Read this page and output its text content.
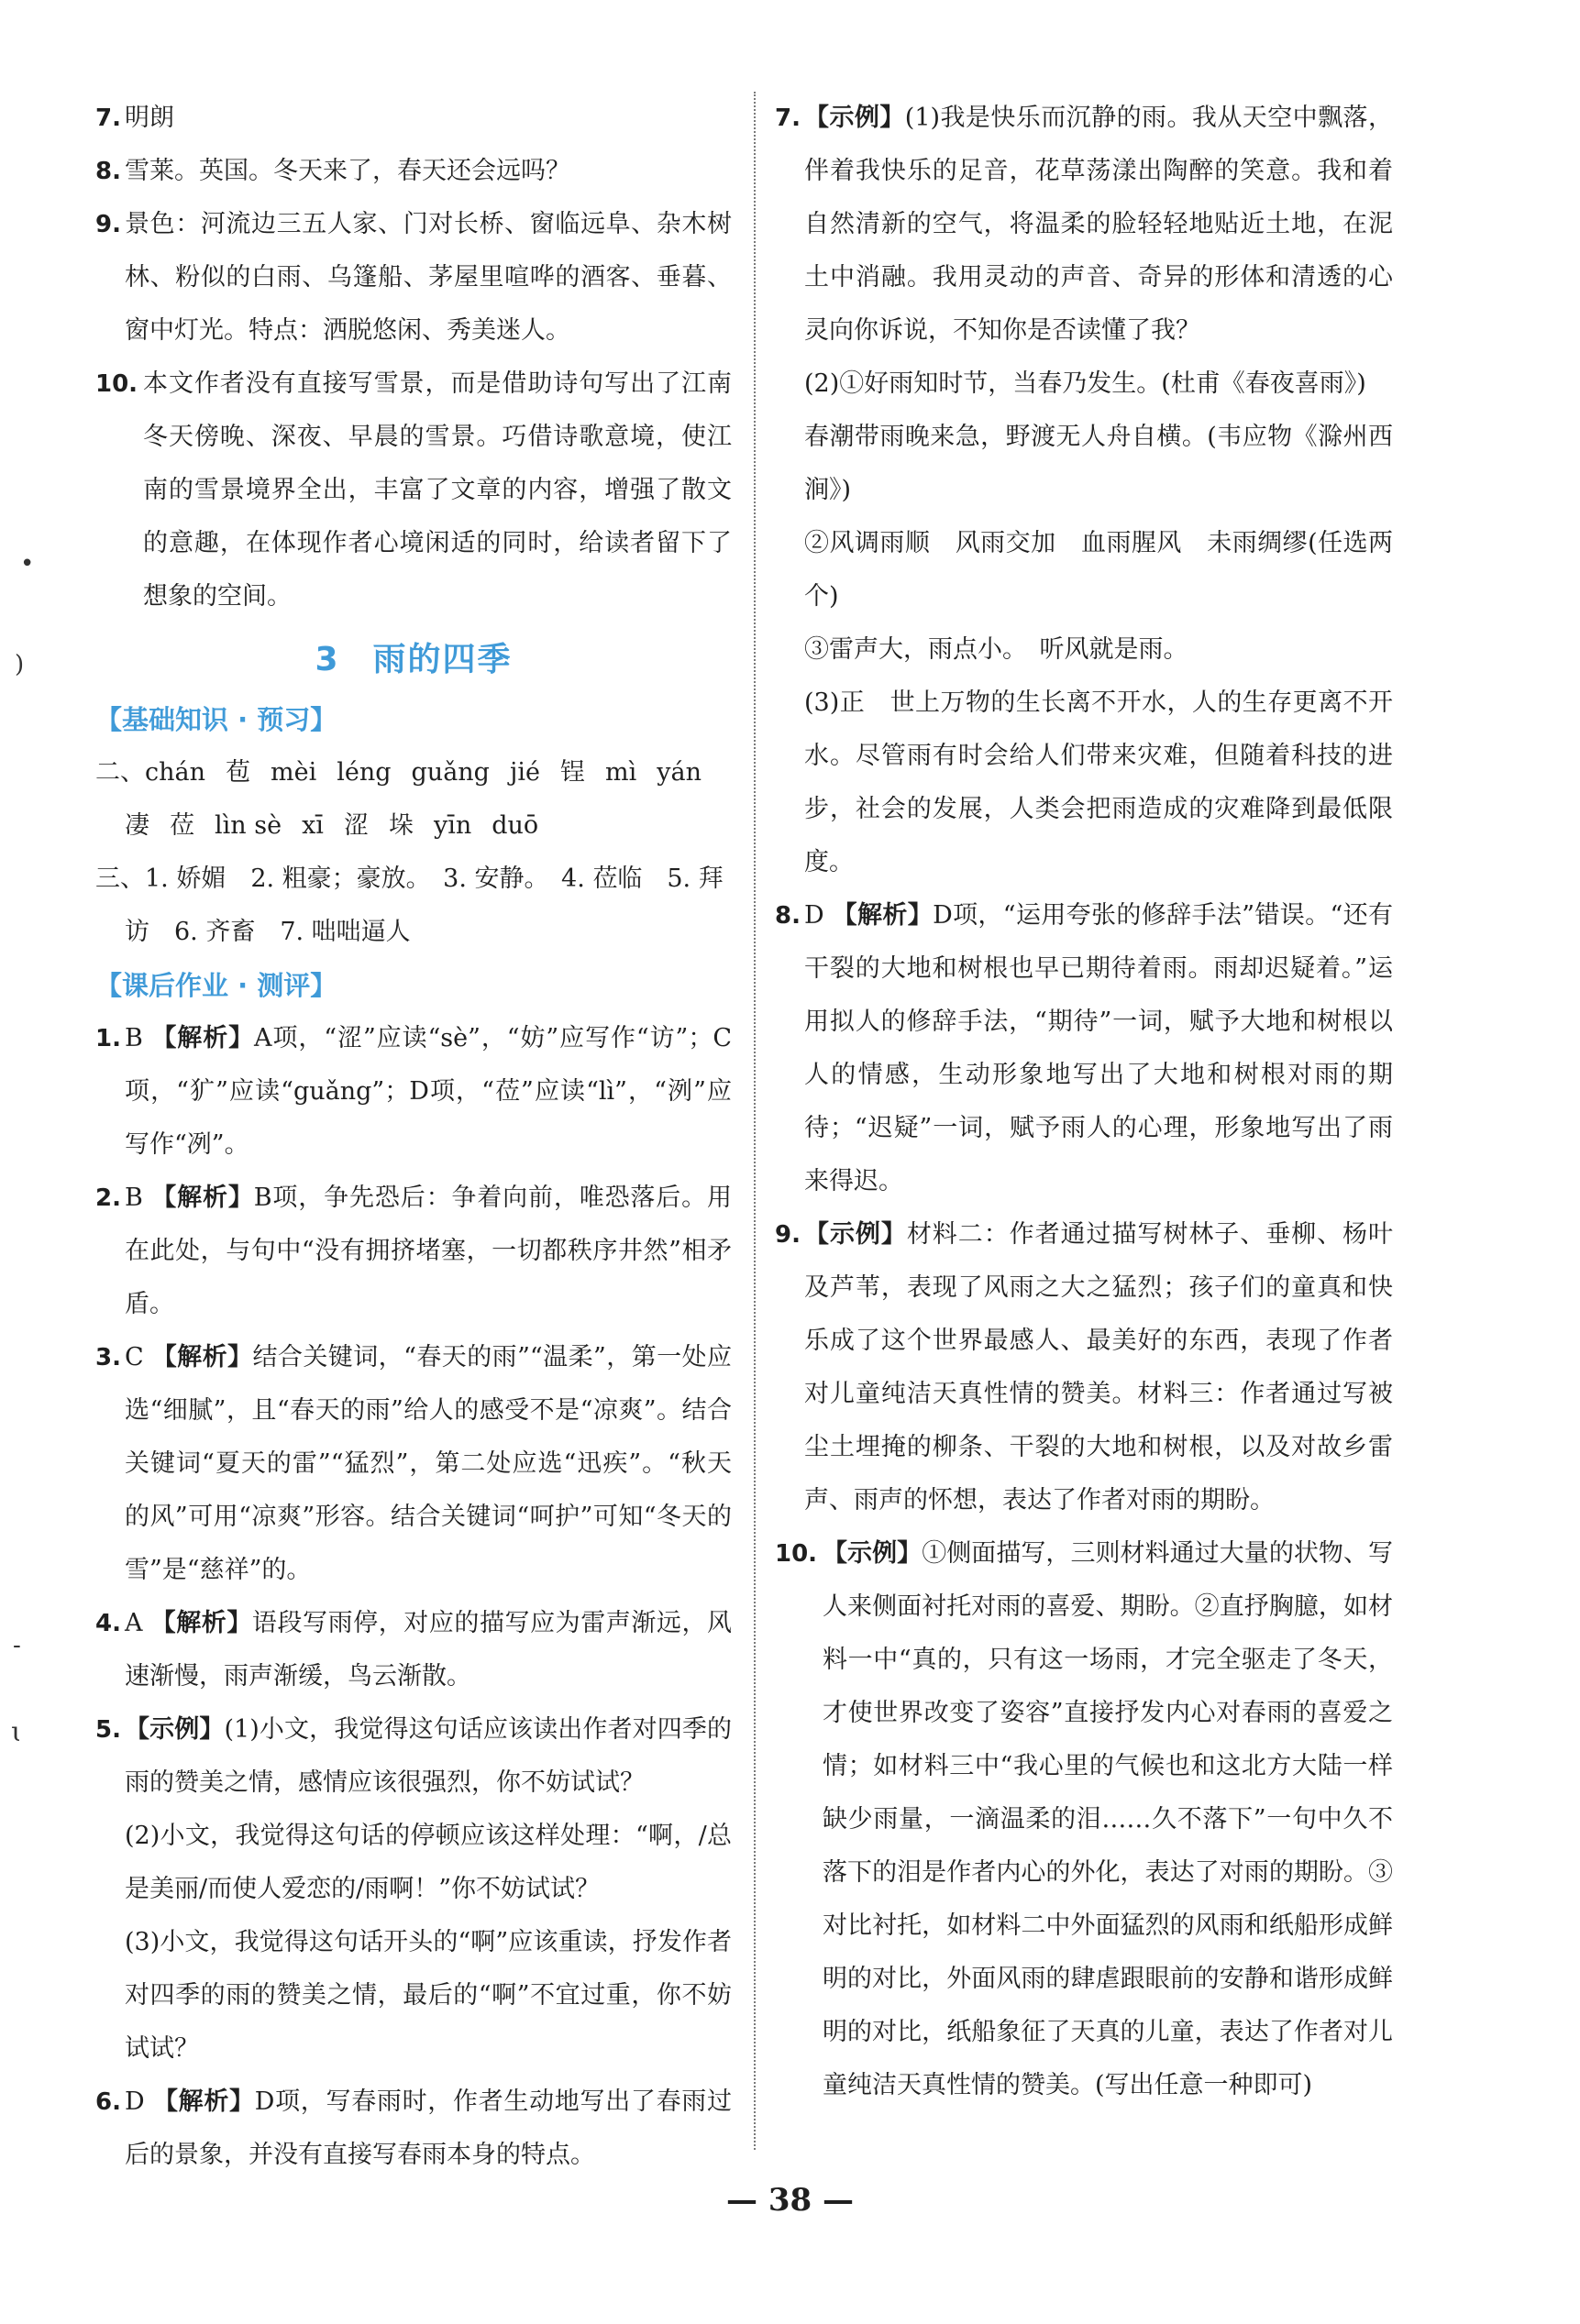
•
)
-
ɩ
7. 明朗
8. 雪莱。英国。冬天来了，春天还会远吗？
9. 景色：河流边三五人家、门对长桥、窗临远阜、杂木树林、粉似的白雨、乌篷船、茅屋里喧哗的酒客、垂暮、窗中灯光。特点：洒脱悠闲、秀美迷人。
10. 本文作者没有直接写雪景，而是借助诗句写出了江南冬天傍晚、深夜、早晨的雪景。巧借诗歌意境，使江南的雪景境界全出，丰富了文章的内容，增强了散文的意趣，在体现作者心境闲适的同时，给读者留下了想象的空间。
3 雨的四季
【基础知识 · 预习】
二、chán 苞 mèi léng guǎng jié 锃 mì yán
凄 莅 lìn sè xī 涩 垛 yīn duō
三、1. 娇媚　2. 粗豪；豪放。　3. 安静。　4. 莅临　5. 拜
访　6. 齐畜　7. 咄咄逼人
【课后作业 · 测评】
1. B 【解析】A项，“涩”应读“sè”，“妨”应写作“访”；C项，“犷”应读“guǎng”；D项，“莅”应读“lì”，“洌”应写作“冽”。
2. B 【解析】B项，争先恐后：争着向前，唯恐落后。用在此处，与句中“没有拥挤堵塞，一切都秩序井然”相矛盾。
3. C 【解析】结合关键词，“春天的雨”“温柔”，第一处应选“细腻”，且“春天的雨”给人的感受不是“凉爽”。结合关键词“夏天的雷”“猛烈”，第二处应选“迅疾”。“秋天的风”可用“凉爽”形容。结合关键词“呵护”可知“冬天的雪”是“慈祥”的。
4. A 【解析】语段写雨停，对应的描写应为雷声渐远，风速渐慢，雨声渐缓，鸟云渐散。
5. 【示例】(1)小文，我觉得这句话应该读出作者对四季的雨的赞美之情，感情应该很强烈，你不妨试试？
(2)小文，我觉得这句话的停顿应该这样处理：“啊，/总是美丽/而使人爱恋的/雨啊！”你不妨试试？
(3)小文，我觉得这句话开头的“啊”应该重读，抒发作者对四季的雨的赞美之情，最后的“啊”不宜过重，你不妨试试？
6. D 【解析】D项，写春雨时，作者生动地写出了春雨过后的景象，并没有直接写春雨本身的特点。
7. 【示例】(1)我是快乐而沉静的雨。我从天空中飘落，伴着我快乐的足音，花草荡漾出陶醉的笑意。我和着自然清新的空气，将温柔的脸轻轻地贴近土地，在泥土中消融。我用灵动的声音、奇异的形体和清透的心灵向你诉说，不知你是否读懂了我？
(2)①好雨知时节，当春乃发生。(杜甫《春夜喜雨》)
春潮带雨晚来急，野渡无人舟自横。(韦应物《滁州西涧》)
②风调雨顺　风雨交加　血雨腥风　未雨绸缪(任选两个)
③雷声大，雨点小。　听风就是雨。
(3)正　世上万物的生长离不开水，人的生存更离不开水。尽管雨有时会给人们带来灾难，但随着科技的进步，社会的发展，人类会把雨造成的灾难降到最低限度。
8. D 【解析】D项，“运用夸张的修辞手法”错误。“还有干裂的大地和树根也早已期待着雨。雨却迟疑着。”运用拟人的修辞手法，“期待”一词，赋予大地和树根以人的情感，生动形象地写出了大地和树根对雨的期待；“迟疑”一词，赋予雨人的心理，形象地写出了雨来得迟。
9. 【示例】材料二：作者通过描写树林子、垂柳、杨叶及芦苇，表现了风雨之大之猛烈；孩子们的童真和快乐成了这个世界最感人、最美好的东西，表现了作者对儿童纯洁天真性情的赞美。材料三：作者通过写被尘土埋掩的柳条、干裂的大地和树根，以及对故乡雷声、雨声的怀想，表达了作者对雨的期盼。
10. 【示例】①侧面描写，三则材料通过大量的状物、写人来侧面衬托对雨的喜爱、期盼。②直抒胸臆，如材料一中“真的，只有这一场雨，才完全驱走了冬天，才使世界改变了姿容”直接抒发内心对春雨的喜爱之情；如材料三中“我心里的气候也和这北方大陆一样缺少雨量，一滴温柔的泪……久不落下”一句中久不落下的泪是作者内心的外化，表达了对雨的期盼。③对比衬托，如材料二中外面猛烈的风雨和纸船形成鲜明的对比，外面风雨的肆虐跟眼前的安静和谐形成鲜明的对比，纸船象征了天真的儿童，表达了作者对儿童纯洁天真性情的赞美。(写出任意一种即可)
— 38 —
